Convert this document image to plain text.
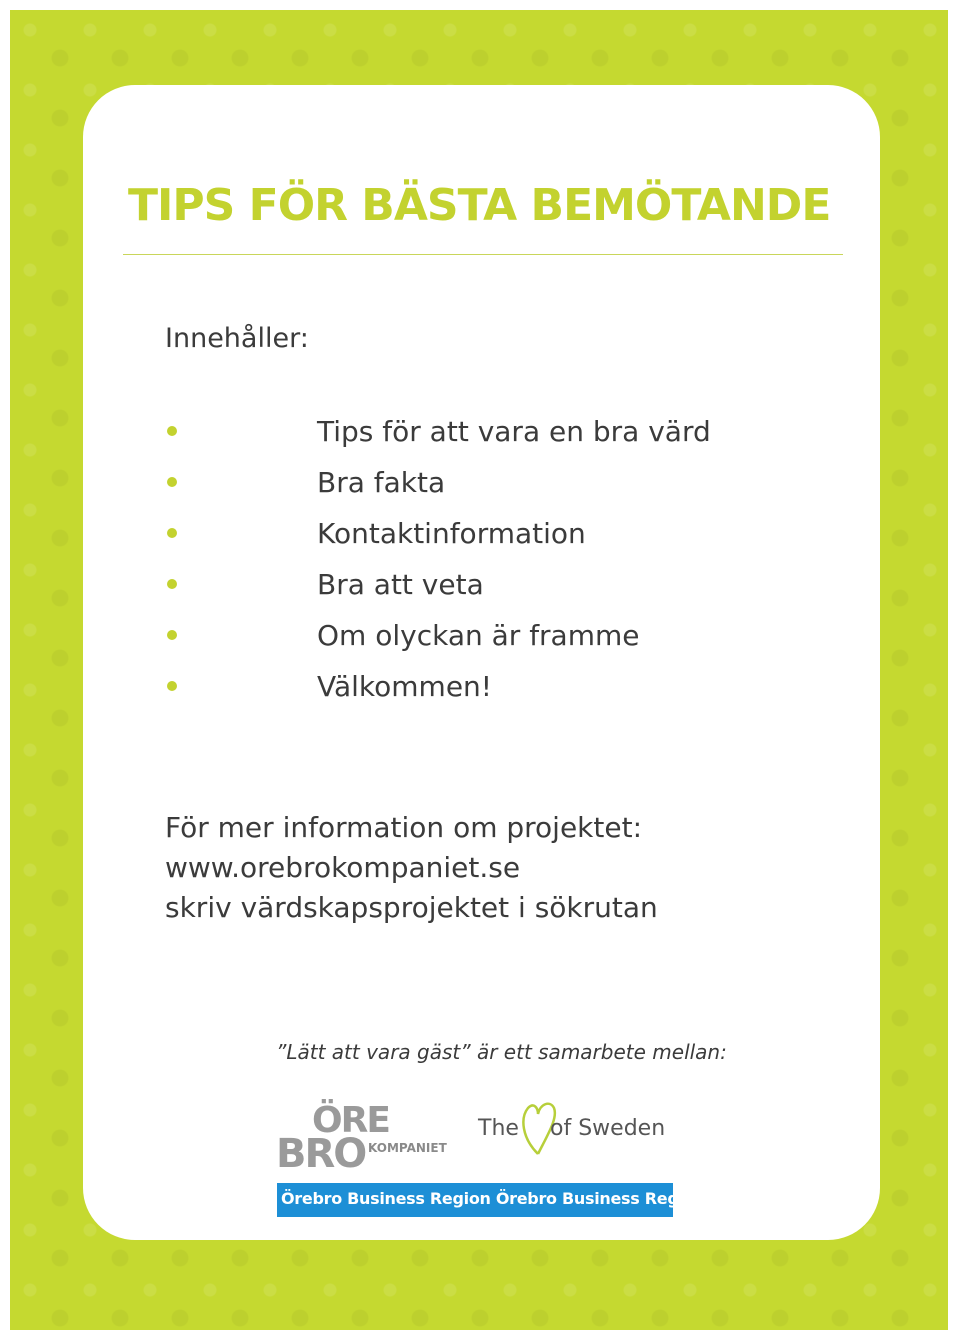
TIPS FÖR BÄSTA BEMÖTANDE

Innehåller:

Tips för att vara en bra värd
Bra fakta
Kontaktinformation
Bra att veta
Om olyckan är framme
Välkommen!
För mer information om projektet:
www.orebrokompaniet.se
skriv värdskapsprojektet i sökrutan
”Lätt att vara gäst” är ett samarbete mellan:
ÖRE
BRO KOMPANIET
The of Sweden
Örebro Business Region Örebro Business Region Ö
